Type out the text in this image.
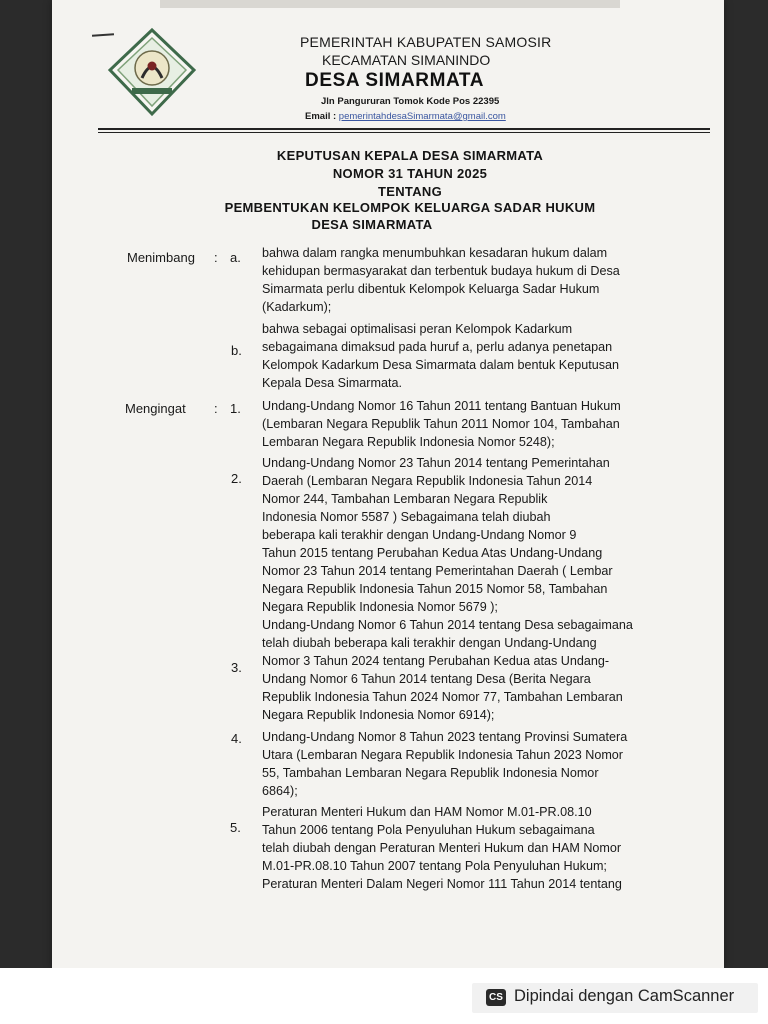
PEMERINTAH KABUPATEN SAMOSIR
KECAMATAN SIMANINDO
DESA SIMARMATA
Jln Pangururan Tomok Kode Pos 22395
Email : pemerintahdesaSimarmata@gmail.com
KEPUTUSAN KEPALA DESA SIMARMATA
NOMOR 31 TAHUN 2025
TENTANG
PEMBENTUKAN KELOMPOK KELUARGA SADAR HUKUM
DESA SIMARMATA
Menimbang : a. bahwa dalam rangka menumbuhkan kesadaran hukum dalam
kehidupan bermasyarakat dan terbentuk budaya hukum di Desa
Simarmata perlu dibentuk Kelompok Keluarga Sadar Hukum
(Kadarkum);
b.
bahwa sebagai optimalisasi peran Kelompok Kadarkum
sebagaimana dimaksud pada huruf a, perlu adanya penetapan
Kelompok Kadarkum Desa Simarmata dalam bentuk Keputusan
Kepala Desa Simarmata.
Mengingat : 1. Undang-Undang Nomor 16 Tahun 2011 tentang Bantuan Hukum
(Lembaran Negara Republik Tahun 2011 Nomor 104, Tambahan
Lembaran Negara Republik Indonesia Nomor 5248);
2.
Undang-Undang Nomor 23 Tahun 2014 tentang Pemerintahan
Daerah (Lembaran Negara Republik Indonesia Tahun 2014
Nomor 244, Tambahan Lembaran Negara Republik
Indonesia Nomor 5587 ) Sebagaimana telah diubah
beberapa kali terakhir dengan Undang-Undang Nomor 9
Tahun 2015 tentang Perubahan Kedua Atas Undang-Undang
Nomor 23 Tahun 2014 tentang Pemerintahan Daerah ( Lembar
Negara Republik Indonesia Tahun 2015 Nomor 58, Tambahan
Negara Republik Indonesia Nomor 5679 );
3.
Undang-Undang Nomor 6 Tahun 2014 tentang Desa sebagaimana
telah diubah beberapa kali terakhir dengan Undang-Undang
Nomor 3 Tahun 2024 tentang Perubahan Kedua atas Undang-
Undang Nomor 6 Tahun 2014 tentang Desa (Berita Negara
Republik Indonesia Tahun 2024 Nomor 77, Tambahan Lembaran
Negara Republik Indonesia Nomor 6914);
4. Undang-Undang Nomor 8 Tahun 2023 tentang Provinsi Sumatera
Utara (Lembaran Negara Republik Indonesia Tahun 2023 Nomor
55, Tambahan Lembaran Negara Republik Indonesia Nomor
6864);
5.
Peraturan Menteri Hukum dan HAM Nomor M.01-PR.08.10
Tahun 2006 tentang Pola Penyuluhan Hukum sebagaimana
telah diubah dengan Peraturan Menteri Hukum dan HAM Nomor
M.01-PR.08.10 Tahun 2007 tentang Pola Penyuluhan Hukum;
Peraturan Menteri Dalam Negeri Nomor 111 Tahun 2014 tentang
CS Dipindai dengan CamScanner
